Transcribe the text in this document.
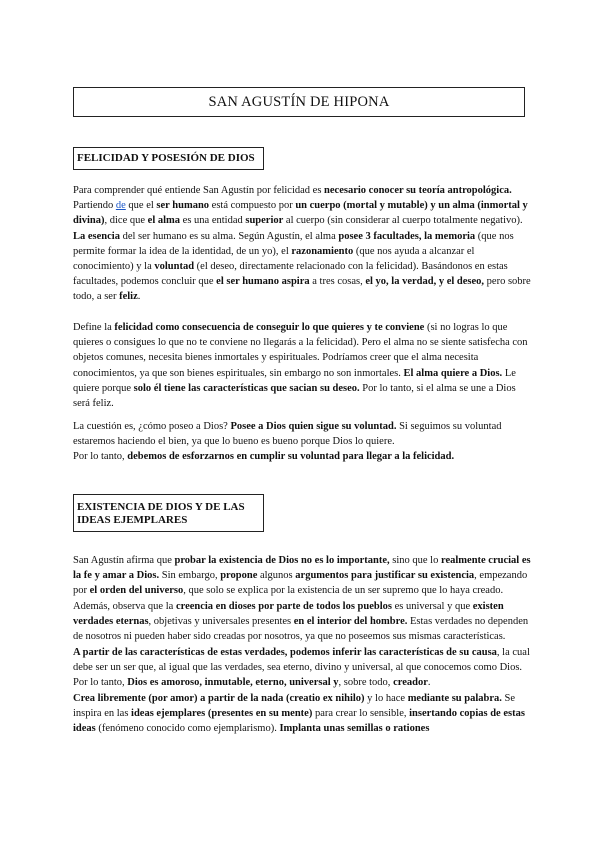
SAN AGUSTÍN DE HIPONA
FELICIDAD Y POSESIÓN DE DIOS

Para comprender qué entiende San Agustín por felicidad es necesario conocer su teoría antropológica. Partiendo de que el ser humano está compuesto por un cuerpo (mortal y mutable) y un alma (inmortal y divina), dice que el alma es una entidad superior al cuerpo (sin considerar al cuerpo totalmente negativo). La esencia del ser humano es su alma. Según Agustín, el alma posee 3 facultades, la memoria (que nos permite formar la idea de la identidad, de un yo), el razonamiento (que nos ayuda a alcanzar el conocimiento) y la voluntad (el deseo, directamente relacionado con la felicidad). Basándonos en estas facultades, podemos concluir que el ser humano aspira a tres cosas, el yo, la verdad, y el deseo, pero sobre todo, a ser feliz.

Define la felicidad como consecuencia de conseguir lo que quieres y te conviene (si no logras lo que quieres o consigues lo que no te conviene no llegarás a la felicidad). Pero el alma no se siente satisfecha con objetos comunes, necesita bienes inmortales y espirituales. Podríamos creer que el alma necesita conocimientos, ya que son bienes espirituales, sin embargo no son inmortales. El alma quiere a Dios. Le quiere porque solo él tiene las características que sacian su deseo. Por lo tanto, si el alma se une a Dios será feliz.

La cuestión es, ¿cómo poseo a Dios? Posee a Dios quien sigue su voluntad. Si seguimos su voluntad estaremos haciendo el bien, ya que lo bueno es bueno porque Dios lo quiere.
Por lo tanto, debemos de esforzarnos en cumplir su voluntad para llegar a la felicidad.

EXISTENCIA DE DIOS Y DE LAS IDEAS EJEMPLARES

San Agustín afirma que probar la existencia de Dios no es lo importante, sino que lo realmente crucial es la fe y amar a Dios. Sin embargo, propone algunos argumentos para justificar su existencia, empezando por el orden del universo, que solo se explica por la existencia de un ser supremo que lo haya creado. Además, observa que la creencia en dioses por parte de todos los pueblos es universal y que existen verdades eternas, objetivas y universales presentes en el interior del hombre. Estas verdades no dependen de nosotros ni pueden haber sido creadas por nosotros, ya que no poseemos sus mismas características.

A partir de las características de estas verdades, podemos inferir las características de su causa, la cual debe ser un ser que, al igual que las verdades, sea eterno, divino y universal, al que conocemos como Dios. Por lo tanto, Dios es amoroso, inmutable, eterno, universal y, sobre todo, creador.
Crea libremente (por amor) a partir de la nada (creatio ex nihilo) y lo hace mediante su palabra. Se inspira en las ideas ejemplares (presentes en su mente) para crear lo sensible, insertando copias de estas ideas (fenómeno conocido como ejemplarismo). Implanta unas semillas o rationes
